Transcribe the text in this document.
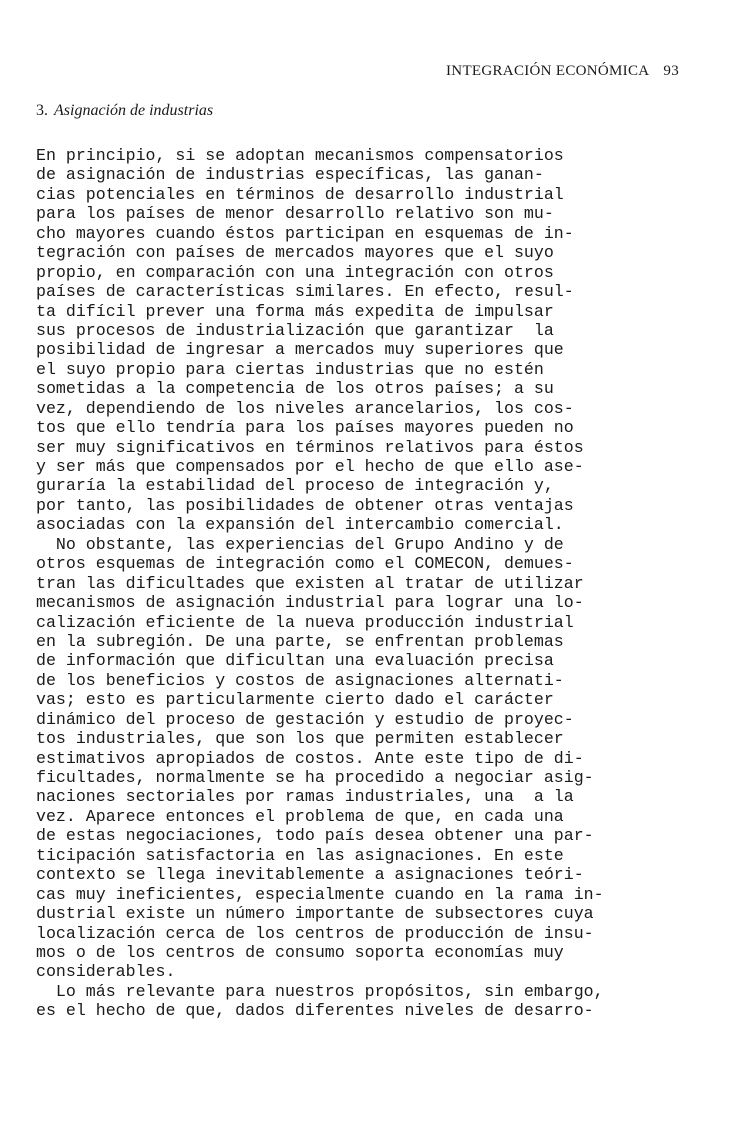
INTEGRACIÓN ECONÓMICA 93
3. Asignación de industrias
En principio, si se adoptan mecanismos compensatorios
de asignación de industrias específicas, las ganan-
cias potenciales en términos de desarrollo industrial
para los países de menor desarrollo relativo son mu-
cho mayores cuando éstos participan en esquemas de in-
tegración con países de mercados mayores que el suyo
propio, en comparación con una integración con otros
países de características similares. En efecto, resul-
ta difícil prever una forma más expedita de impulsar
sus procesos de industrialización que garantizar  la
posibilidad de ingresar a mercados muy superiores que
el suyo propio para ciertas industrias que no estén
sometidas a la competencia de los otros países; a su
vez, dependiendo de los niveles arancelarios, los cos-
tos que ello tendría para los países mayores pueden no
ser muy significativos en términos relativos para éstos
y ser más que compensados por el hecho de que ello ase-
guraría la estabilidad del proceso de integración y,
por tanto, las posibilidades de obtener otras ventajas
asociadas con la expansión del intercambio comercial.
No obstante, las experiencias del Grupo Andino y de
otros esquemas de integración como el COMECON, demues-
tran las dificultades que existen al tratar de utilizar
mecanismos de asignación industrial para lograr una lo-
calización eficiente de la nueva producción industrial
en la subregión. De una parte, se enfrentan problemas
de información que dificultan una evaluación precisa
de los beneficios y costos de asignaciones alternati-
vas; esto es particularmente cierto dado el carácter
dinámico del proceso de gestación y estudio de proyec-
tos industriales, que son los que permiten establecer
estimativos apropiados de costos. Ante este tipo de di-
ficultades, normalmente se ha procedido a negociar asig-
naciones sectoriales por ramas industriales, una  a la
vez. Aparece entonces el problema de que, en cada una
de estas negociaciones, todo país desea obtener una par-
ticipación satisfactoria en las asignaciones. En este
contexto se llega inevitablemente a asignaciones teóri-
cas muy ineficientes, especialmente cuando en la rama in-
dustrial existe un número importante de subsectores cuya
localización cerca de los centros de producción de insu-
mos o de los centros de consumo soporta economías muy
considerables.
Lo más relevante para nuestros propósitos, sin embargo,
es el hecho de que, dados diferentes niveles de desarro-
